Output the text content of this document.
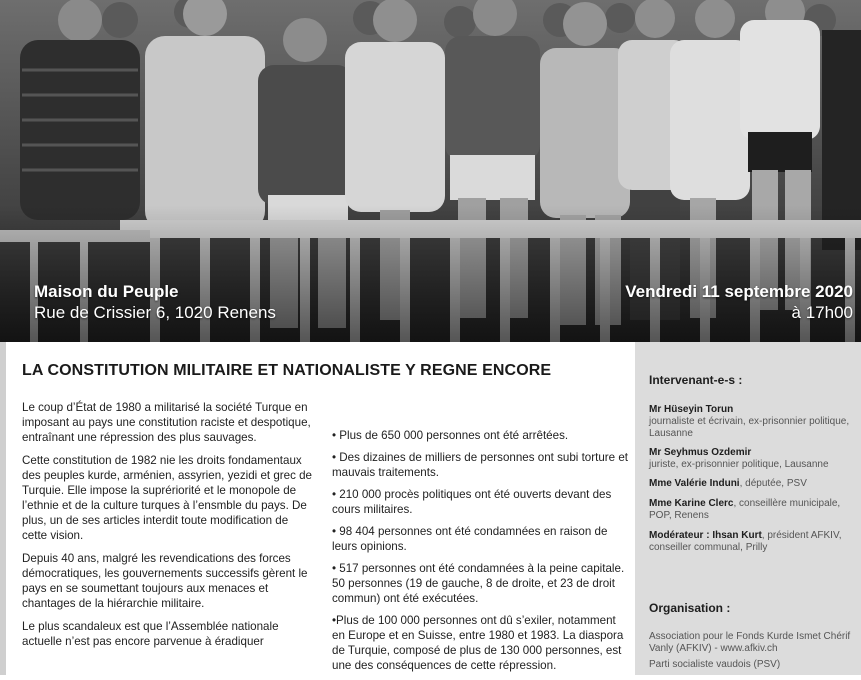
Maison du Peuple
Rue de Crissier 6, 1020 Renens
Vendredi 11 septembre 2020
à 17h00
LA CONSTITUTION MILITAIRE ET NATIONALISTE Y REGNE ENCORE

Le coup d’État de 1980 a militarisé la société Turque en imposant au pays une constitution raciste et despotique, entraînant une répression des plus sauvages.

Cette constitution de 1982 nie les droits fondamentaux des peuples kurde, arménien, assyrien, yezidi et grec de Turquie. Elle impose la suprériorité et le monopole de l’ethnie et de la culture turques à l’ensmble du pays. De plus, un de ses articles interdit toute modification de cette vision.

Depuis 40 ans, malgré les revendications des forces démocratiques, les gouvernements successifs gèrent le pays en se soumettant toujours aux menaces et chantages de la hiérarchie militaire.

Le plus scandaleux est que l’Assemblée nationale actuelle n’est pas encore parvenue à éradiquer

• Plus de 650 000 personnes ont été arrêtées.

• Des dizaines de milliers de personnes ont subi torture et mauvais traitements.

• 210 000 procès politiques ont été ouverts devant des cours militaires.

• 98 404 personnes ont été condamnées en raison de leurs opinions.

• 517 personnes ont été condamnées à la peine capitale. 50 personnes (19 de gauche, 8 de droite, et 23 de droit commun) ont été exécutées.

•Plus de 100 000 personnes ont dû s’exiler, notamment en Europe et en Suisse, entre 1980 et 1983. La diaspora de Turquie, composé de plus de 130 000 personnes, est une des conséquences de cette répression.

Intervenant-e-s :
Mr Hüseyin Torun
journaliste et écrivain, ex-prisonnier politique, Lausanne
Mr Seyhmus Ozdemir
juriste, ex-prisonnier politique, Lausanne
Mme Valérie Induni, députée, PSV
Mme Karine Clerc, conseillère municipale, POP, Renens
Modérateur : Ihsan Kurt, président AFKIV, conseiller communal, Prilly
Organisation :
Association pour le Fonds Kurde Ismet Chérif Vanly (AFKIV) - www.afkiv.ch
Parti socialiste vaudois (PSV)
